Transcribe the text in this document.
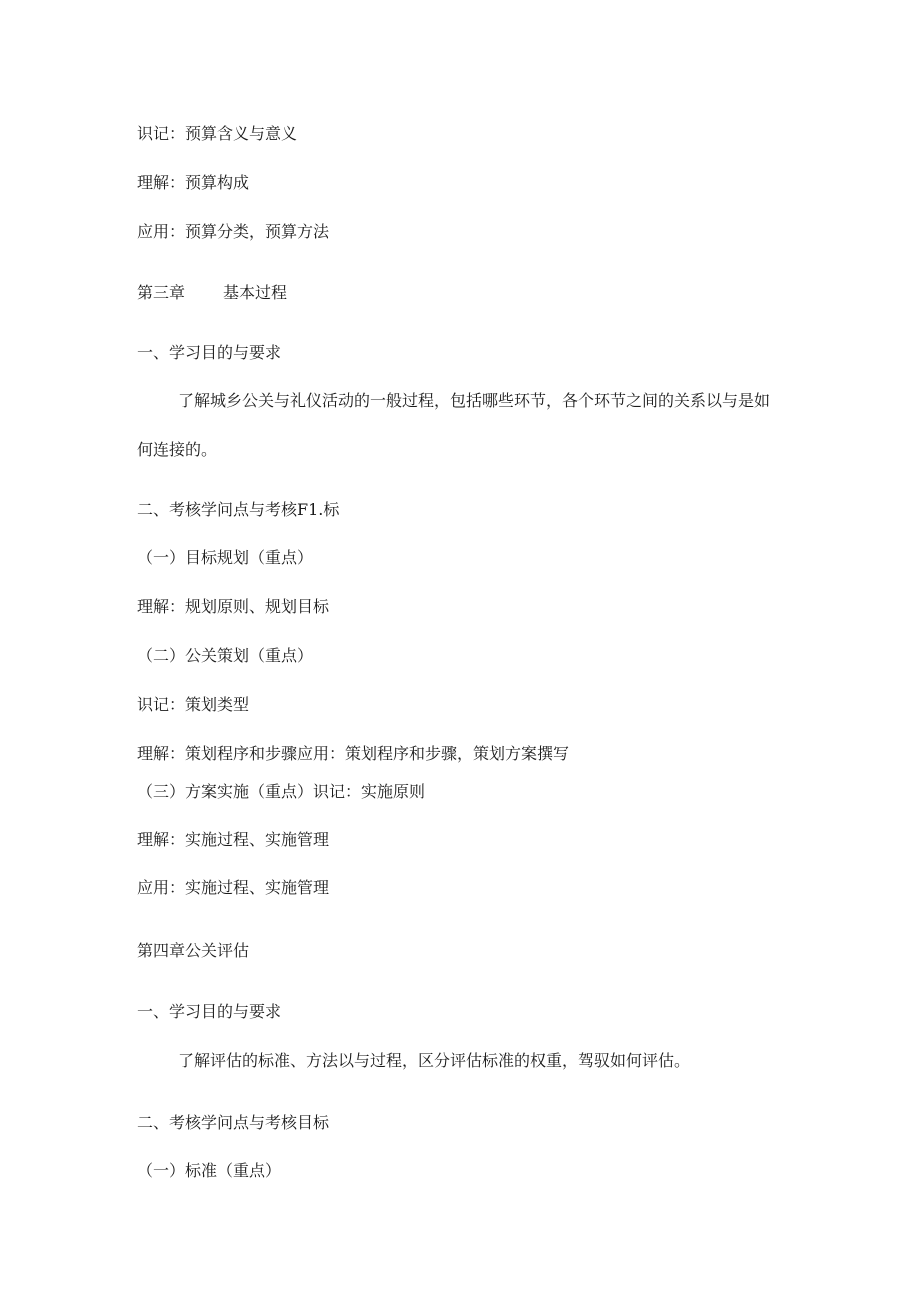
识记：预算含义与意义

理解：预算构成

应用：预算分类，预算方法

第三章 基本过程

一、学习目的与要求

了解城乡公关与礼仪活动的一般过程，包括哪些环节，各个环节之间的关系以与是如

何连接的。

二、考核学问点与考核F1.标

（一）目标规划（重点）

理解：规划原则、规划目标

（二）公关策划（重点）

识记：策划类型

理解：策划程序和步骤应用：策划程序和步骤，策划方案撰写

（三）方案实施（重点）识记：实施原则

理解：实施过程、实施管理

应用：实施过程、实施管理

第四章公关评估

一、学习目的与要求

了解评估的标准、方法以与过程，区分评估标准的权重，驾驭如何评估。

二、考核学问点与考核目标

（一）标准（重点）
